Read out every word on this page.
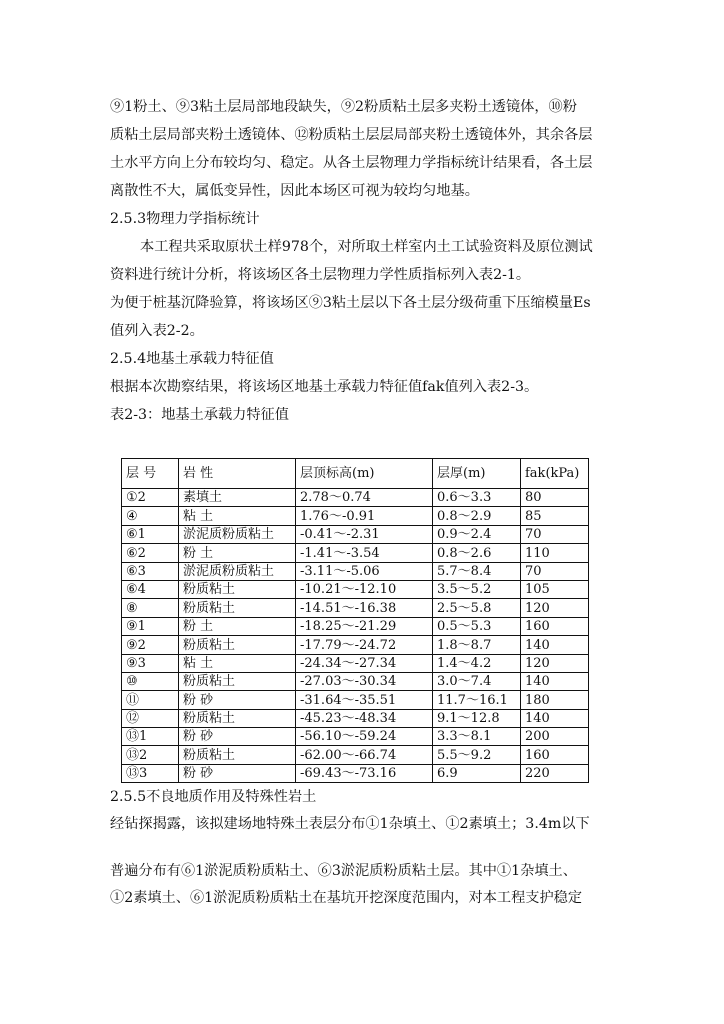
⑨1粉土、⑨3粘土层局部地段缺失，⑨2粉质粘土层多夹粉土透镜体，⑩粉
质粘土层局部夹粉土透镜体、⑫粉质粘土层层局部夹粉土透镜体外，其余各层
土水平方向上分布较均匀、稳定。从各土层物理力学指标统计结果看，各土层
离散性不大，属低变异性，因此本场区可视为较均匀地基。
2.5.3物理力学指标统计
本工程共采取原状土样978个，对所取土样室内土工试验资料及原位测试
资料进行统计分析，将该场区各土层物理力学性质指标列入表2-1。
为便于桩基沉降验算，将该场区⑨3粘土层以下各土层分级荷重下压缩模量Es
值列入表2-2。
2.5.4地基土承载力特征值
根据本次勘察结果，将该场区地基土承载力特征值fak值列入表2-3。
表2-3：地基土承载力特征值
层 号	岩 性	层顶标高(m)	层厚(m)	fak(kPa)
①2	素填土	2.78～0.74	0.6～3.3	80
④	粘 土	1.76～-0.91	0.8～2.9	85
⑥1	淤泥质粉质粘土	-0.41～-2.31	0.9～2.4	70
⑥2	粉 土	-1.41～-3.54	0.8～2.6	110
⑥3	淤泥质粉质粘土	-3.11～-5.06	5.7～8.4	70
⑥4	粉质粘土	-10.21～-12.10	3.5～5.2	105
⑧	粉质粘土	-14.51～-16.38	2.5～5.8	120
⑨1	粉 土	-18.25～-21.29	0.5～5.3	160
⑨2	粉质粘土	-17.79～-24.72	1.8～8.7	140
⑨3	粘 土	-24.34～-27.34	1.4～4.2	120
⑩	粉质粘土	-27.03～-30.34	3.0～7.4	140
⑪	粉 砂	-31.64～-35.51	11.7～16.1	180
⑫	粉质粘土	-45.23～-48.34	9.1～12.8	140
⑬1	粉 砂	-56.10～-59.24	3.3～8.1	200
⑬2	粉质粘土	-62.00～-66.74	5.5～9.2	160
⑬3	粉 砂	-69.43～-73.16	6.9	220
2.5.5不良地质作用及特殊性岩土
经钻探揭露，该拟建场地特殊土表层分布①1杂填土、①2素填土；3.4m以下
普遍分布有⑥1淤泥质粉质粘土、⑥3淤泥质粉质粘土层。其中①1杂填土、
①2素填土、⑥1淤泥质粉质粘土在基坑开挖深度范围内，对本工程支护稳定
